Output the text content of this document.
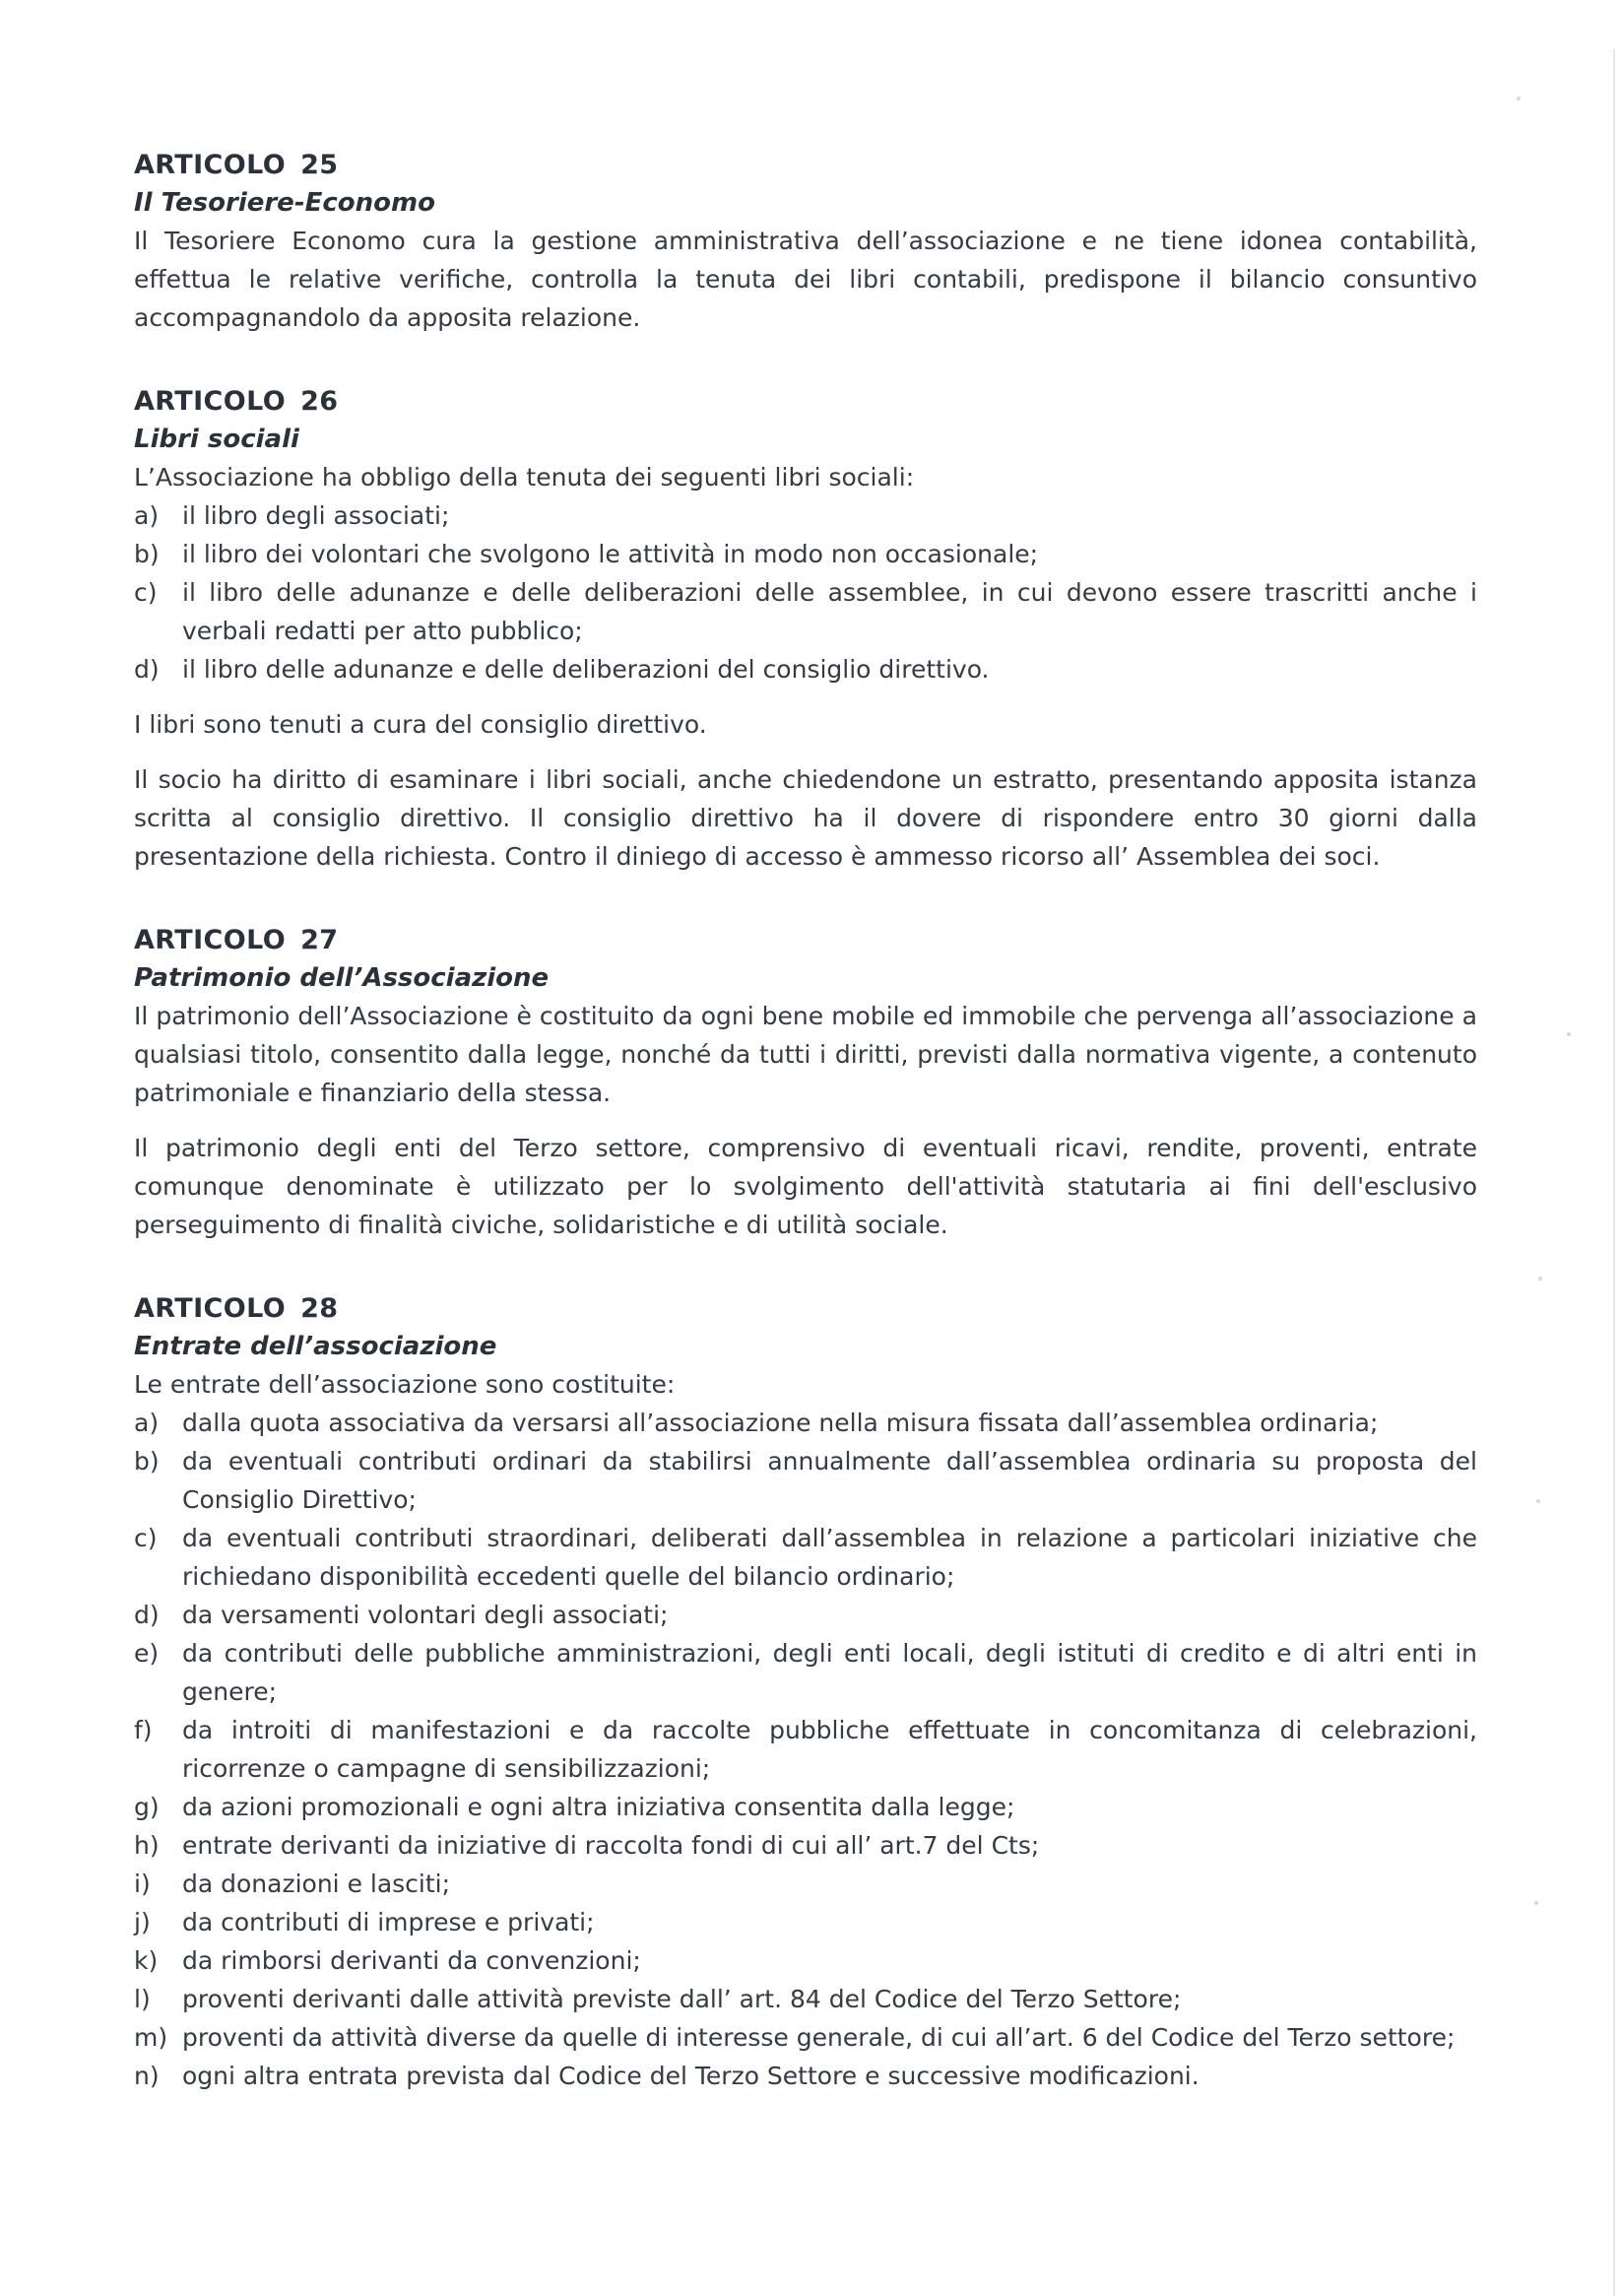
ARTICOLO 25
Il Tesoriere-Economo

Il Tesoriere Economo cura la gestione amministrativa dell’associazione e ne tiene idonea contabilità, effettua le relative verifiche, controlla la tenuta dei libri contabili, predispone il bilancio consuntivo accompagnandolo da apposita relazione.

ARTICOLO 26
Libri sociali

L’Associazione ha obbligo della tenuta dei seguenti libri sociali:

a) il libro degli associati;
b) il libro dei volontari che svolgono le attività in modo non occasionale;
c)	il libro delle adunanze e delle deliberazioni delle assemblee, in cui devono essere trascritti anche i verbali redatti per atto pubblico;
d) il libro delle adunanze e delle deliberazioni del consiglio direttivo.

I libri sono tenuti a cura del consiglio direttivo.

Il socio ha diritto di esaminare i libri sociali, anche chiedendone un estratto, presentando apposita istanza scritta al consiglio direttivo. Il consiglio direttivo ha il dovere di rispondere entro 30 giorni dalla presentazione della richiesta. Contro il diniego di accesso è ammesso ricorso all’ Assemblea dei soci.

ARTICOLO 27
Patrimonio dell’Associazione

Il patrimonio dell’Associazione è costituito da ogni bene mobile ed immobile che pervenga all’associazione a qualsiasi titolo, consentito dalla legge, nonché da tutti i diritti, previsti dalla normativa vigente, a contenuto patrimoniale e finanziario della stessa.

Il patrimonio degli enti del Terzo settore, comprensivo di eventuali ricavi, rendite, proventi, entrate comunque denominate è utilizzato per lo svolgimento dell'attività statutaria ai fini dell'esclusivo perseguimento di finalità civiche, solidaristiche e di utilità sociale.

ARTICOLO 28
Entrate dell’associazione

Le entrate dell’associazione sono costituite:

a) dalla quota associativa da versarsi all’associazione nella misura fissata dall’assemblea ordinaria;
b) da eventuali contributi ordinari da stabilirsi annualmente dall’assemblea ordinaria su proposta del Consiglio Direttivo;
c)	da eventuali contributi straordinari, deliberati dall’assemblea in relazione a particolari iniziative che richiedano disponibilità eccedenti quelle del bilancio ordinario;
d) da versamenti volontari degli associati;
e) da contributi delle pubbliche amministrazioni, degli enti locali, degli istituti di credito e di altri enti in genere;
f)	da introiti di manifestazioni e da raccolte pubbliche effettuate in concomitanza di celebrazioni, ricorrenze o campagne di sensibilizzazioni;
g) da azioni promozionali e ogni altra iniziativa consentita dalla legge;
h) entrate derivanti da iniziative di raccolta fondi di cui all’ art.7 del Cts;
i)	da donazioni e lasciti;
j)	da contributi di imprese e privati;
k) da rimborsi derivanti da convenzioni;
l)	proventi derivanti dalle attività previste dall’ art. 84 del Codice del Terzo Settore;
m) proventi da attività diverse da quelle di interesse generale, di cui all’art. 6 del Codice del Terzo settore;
n) ogni altra entrata prevista dal Codice del Terzo Settore e successive modificazioni.
